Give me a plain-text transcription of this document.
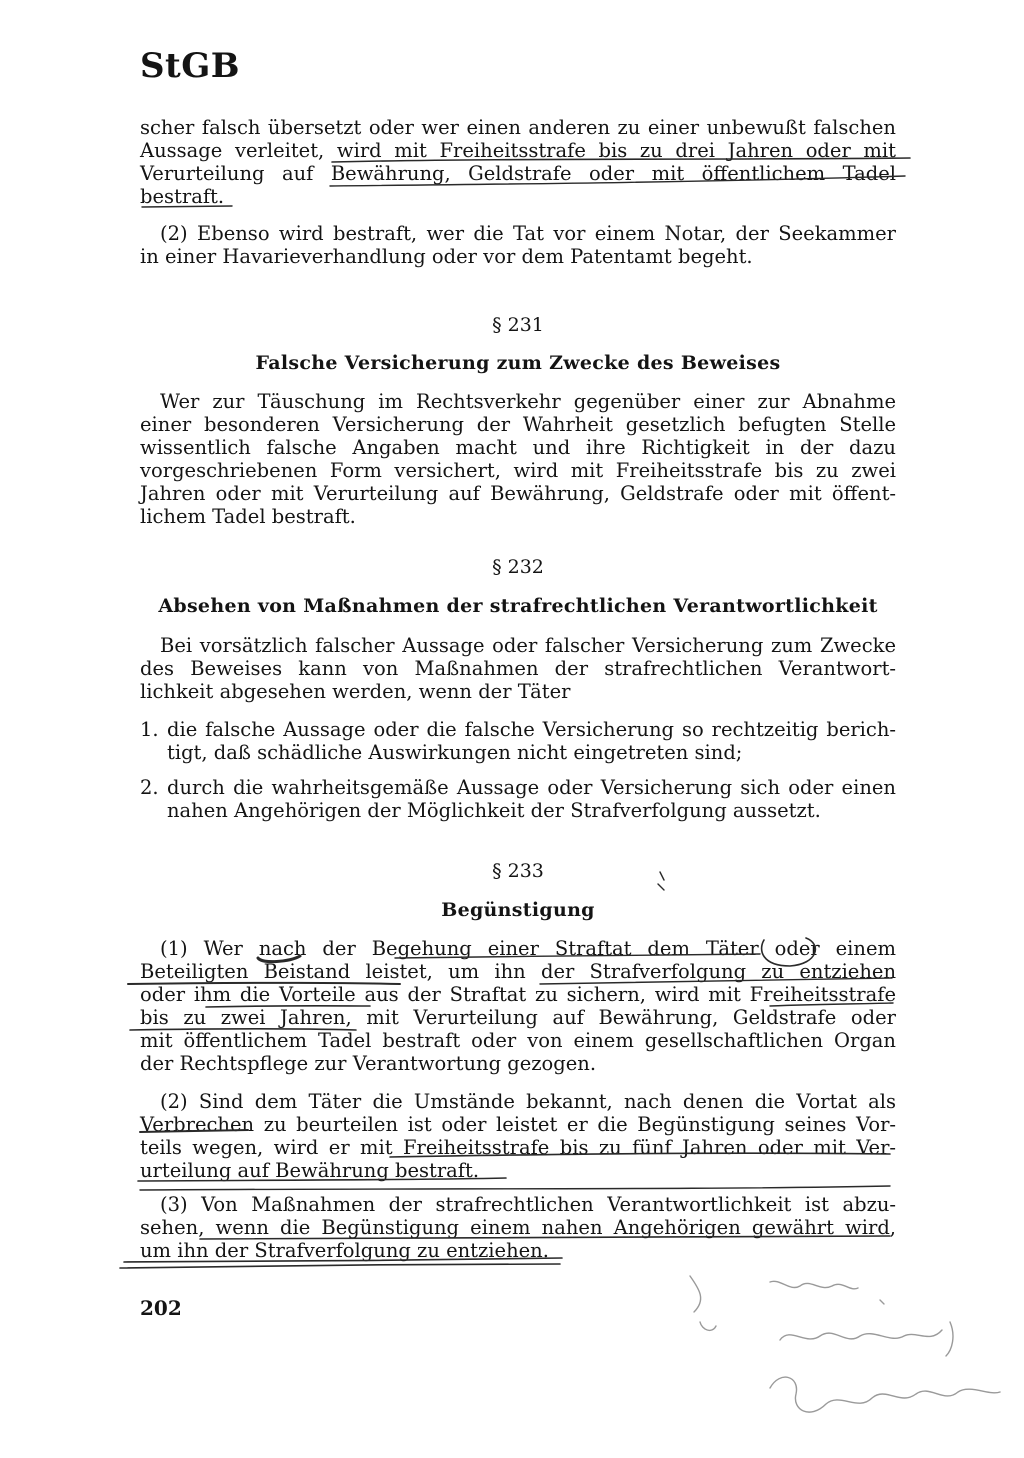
StGB
scher falsch übersetzt oder wer einen anderen zu einer unbewußt falschen
Aussage verleitet, wird mit Freiheitsstrafe bis zu drei Jahren oder mit
Verurteilung auf Bewährung, Geldstrafe oder mit öffentlichem Tadel
bestraft.
(2) Ebenso wird bestraft, wer die Tat vor einem Notar, der Seekammer
in einer Havarieverhandlung oder vor dem Patentamt begeht.
§ 231
Falsche Versicherung zum Zwecke des Beweises
Wer zur Täuschung im Rechtsverkehr gegenüber einer zur Abnahme
einer besonderen Versicherung der Wahrheit gesetzlich befugten Stelle
wissentlich falsche Angaben macht und ihre Richtigkeit in der dazu
vorgeschriebenen Form versichert, wird mit Freiheitsstrafe bis zu zwei
Jahren oder mit Verurteilung auf Bewährung, Geldstrafe oder mit öffent-
lichem Tadel bestraft.
§ 232
Absehen von Maßnahmen der strafrechtlichen Verantwortlichkeit
Bei vorsätzlich falscher Aussage oder falscher Versicherung zum Zwecke
des Beweises kann von Maßnahmen der strafrechtlichen Verantwort-
lichkeit abgesehen werden, wenn der Täter
1. die falsche Aussage oder die falsche Versicherung so rechtzeitig berich-
tigt, daß schädliche Auswirkungen nicht eingetreten sind;
2. durch die wahrheitsgemäße Aussage oder Versicherung sich oder einen
nahen Angehörigen der Möglichkeit der Strafverfolgung aussetzt.
§ 233
Begünstigung
(1) Wer nach der Begehung einer Straftat dem Täter oder einem
Beteiligten Beistand leistet, um ihn der Strafverfolgung zu entziehen
oder ihm die Vorteile aus der Straftat zu sichern, wird mit Freiheitsstrafe
bis zu zwei Jahren, mit Verurteilung auf Bewährung, Geldstrafe oder
mit öffentlichem Tadel bestraft oder von einem gesellschaftlichen Organ
der Rechtspflege zur Verantwortung gezogen.
(2) Sind dem Täter die Umstände bekannt, nach denen die Vortat als
Verbrechen zu beurteilen ist oder leistet er die Begünstigung seines Vor-
teils wegen, wird er mit Freiheitsstrafe bis zu fünf Jahren oder mit Ver-
urteilung auf Bewährung bestraft.
(3) Von Maßnahmen der strafrechtlichen Verantwortlichkeit ist abzu-
sehen, wenn die Begünstigung einem nahen Angehörigen gewährt wird,
um ihn der Strafverfolgung zu entziehen.
202
